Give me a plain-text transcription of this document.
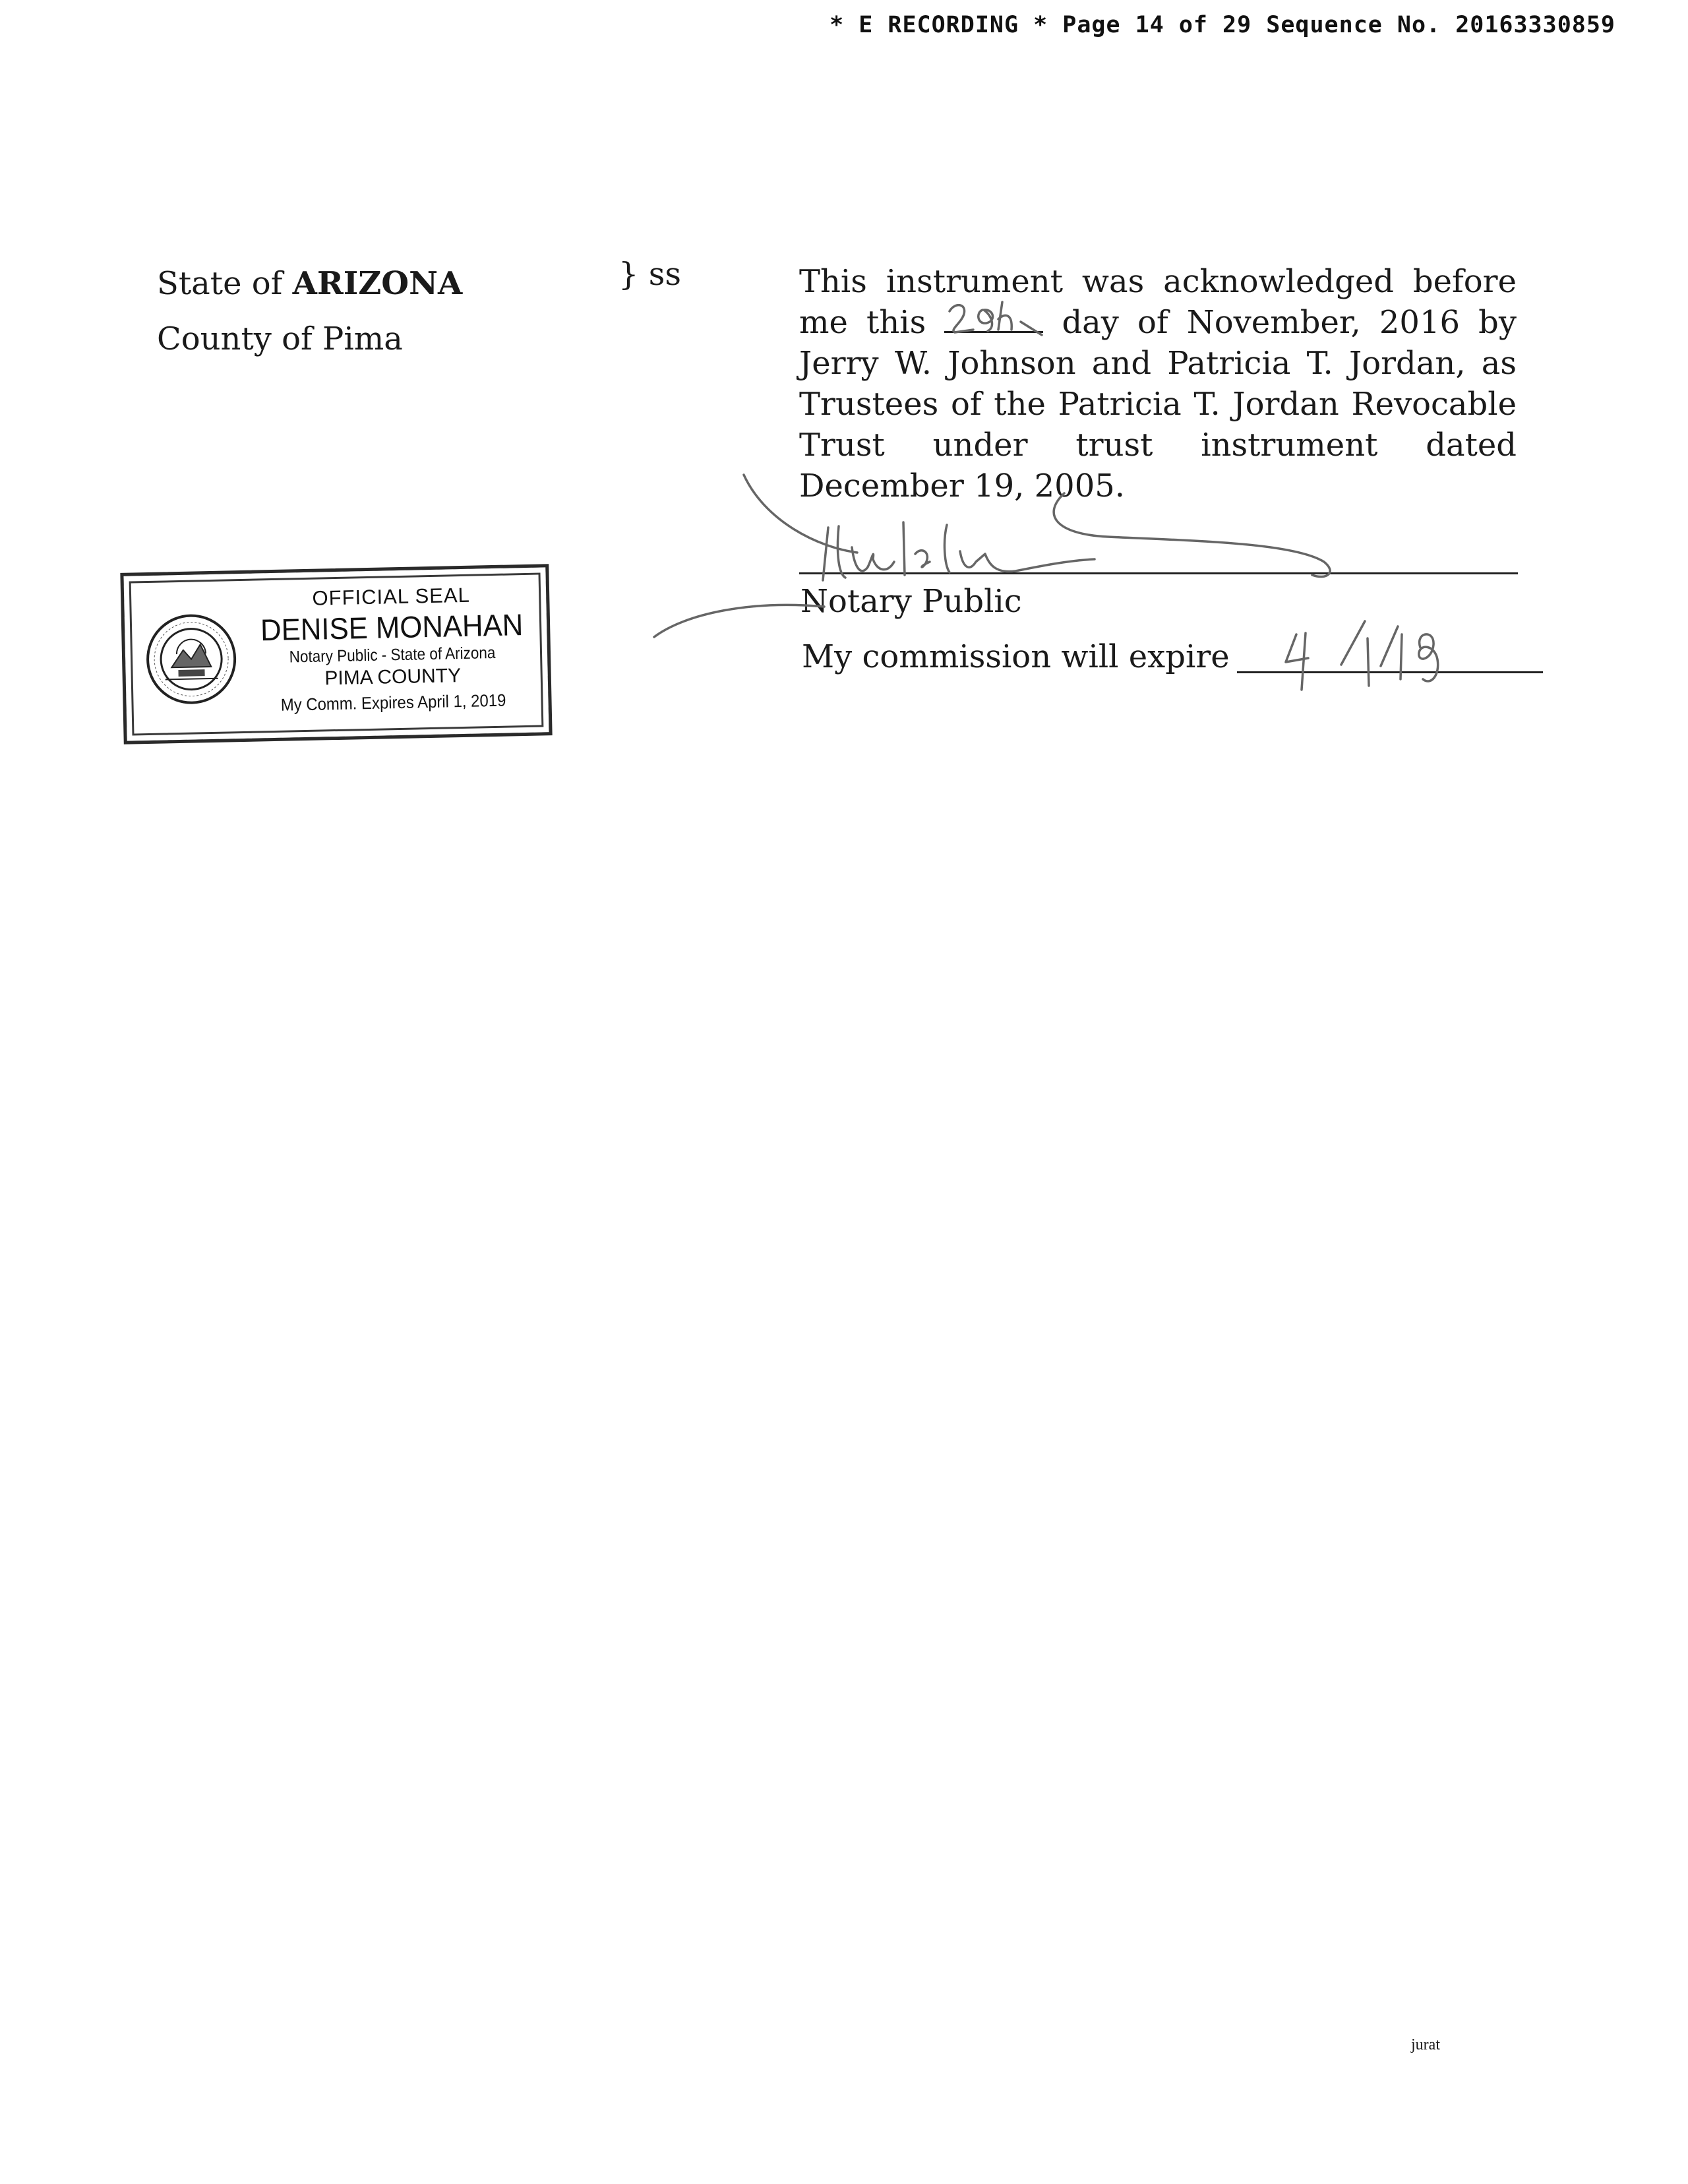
* E RECORDING * Page 14 of 29 Sequence No. 20163330859
State of ARIZONA
County of Pima
} ss	This instrument was acknowledged before me this	day of November, 2016 by Jerry W. Johnson and Patricia T. Jordan, as Trustees of the Patricia T. Jordan Revocable Trust under trust instrument dated December 19, 2005.
Notary Public
My commission will expire
OFFICIAL SEAL
DENISE MONAHAN
Notary Public - State of Arizona
PIMA COUNTY
My Comm. Expires April 1, 2019
jurat
